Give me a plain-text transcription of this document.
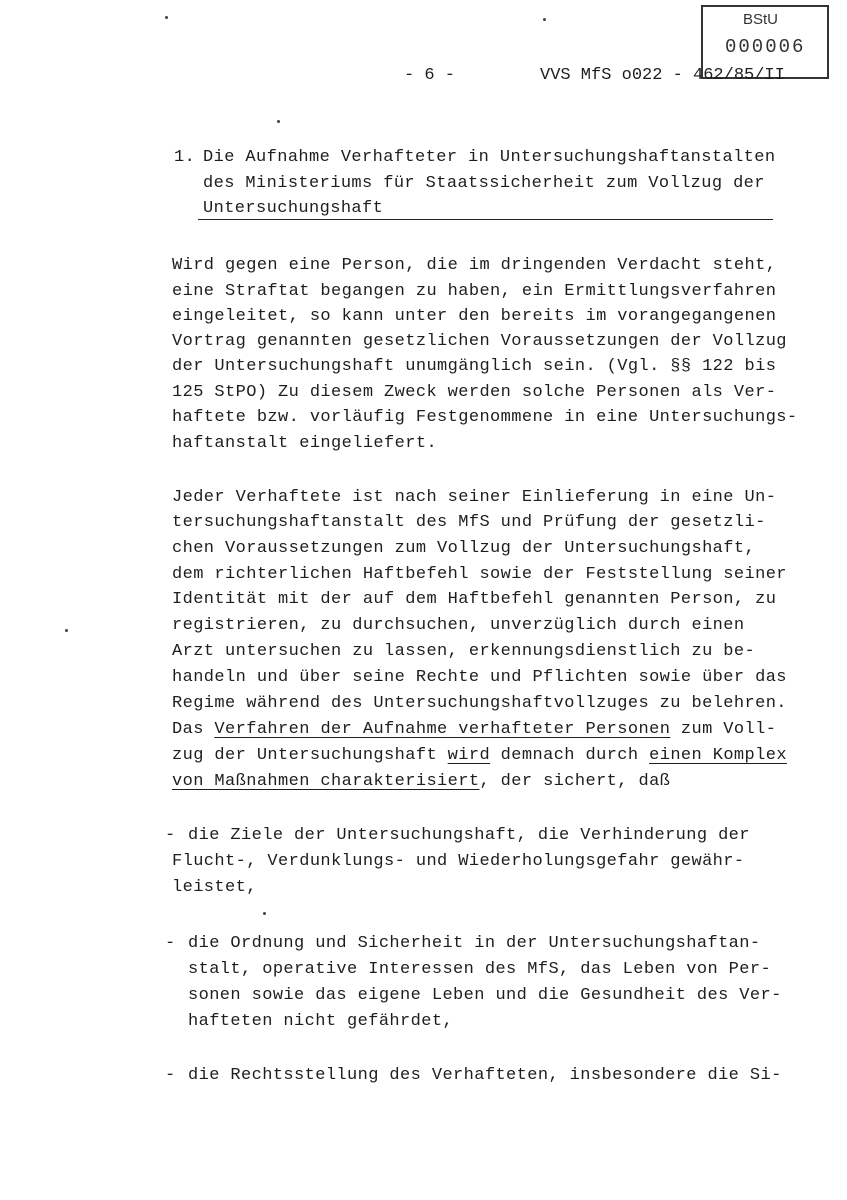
BStU
000006
- 6 -	VVS MfS o022 - 462/85/II
1. Die Aufnahme Verhafteter in Untersuchungshaftanstalten
des Ministeriums für Staatssicherheit zum Vollzug der
Untersuchungshaft
Wird gegen eine Person, die im dringenden Verdacht steht,
eine Straftat begangen zu haben, ein Ermittlungsverfahren
eingeleitet, so kann unter den bereits im vorangegangenen
Vortrag genannten gesetzlichen Voraussetzungen der Vollzug
der Untersuchungshaft unumgänglich sein. (Vgl. §§ 122 bis
125 StPO) Zu diesem Zweck werden solche Personen als Ver-
haftete bzw. vorläufig Festgenommene in eine Untersuchungs-
haftanstalt eingeliefert.
Jeder Verhaftete ist nach seiner Einlieferung in eine Un-
tersuchungshaftanstalt des MfS und Prüfung der gesetzli-
chen Voraussetzungen zum Vollzug der Untersuchungshaft,
dem richterlichen Haftbefehl sowie der Feststellung seiner
Identität mit der auf dem Haftbefehl genannten Person, zu
registrieren, zu durchsuchen, unverzüglich durch einen
Arzt untersuchen zu lassen, erkennungsdienstlich zu be-
handeln und über seine Rechte und Pflichten sowie über das
Regime während des Untersuchungshaftvollzuges zu belehren.
Das Verfahren der Aufnahme verhafteter Personen zum Voll-
zug der Untersuchungshaft wird demnach durch einen Komplex
von Maßnahmen charakterisiert, der sichert, daß
- die Ziele der Untersuchungshaft, die Verhinderung der
Flucht-, Verdunklungs- und Wiederholungsgefahr gewähr-
leistet,
- die Ordnung und Sicherheit in der Untersuchungshaftan-
stalt, operative Interessen des MfS, das Leben von Per-
sonen sowie das eigene Leben und die Gesundheit des Ver-
hafteten nicht gefährdet,
- die Rechtsstellung des Verhafteten, insbesondere die Si-
